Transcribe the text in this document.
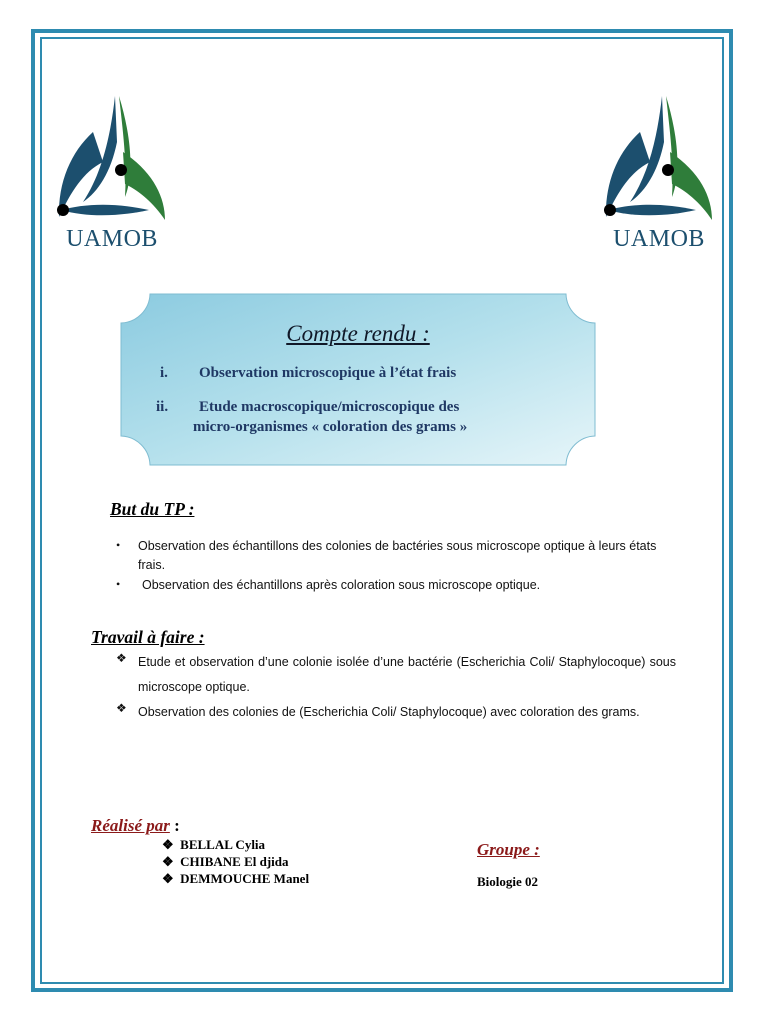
UAMOB	UAMOB
Compte rendu :
i. Observation microscopique à l’état frais
ii. Etude macroscopique/microscopique des
micro-organismes « coloration des grams »
But du TP :
• Observation des échantillons des colonies de bactéries sous microscope optique à leurs états frais.
• Observation des échantillons après coloration sous microscope optique.
Travail à faire :
❖ Etude et observation d’une colonie isolée d’une bactérie (Escherichia Coli/ Staphylocoque) sous microscope optique.
❖ Observation des colonies de (Escherichia Coli/ Staphylocoque) avec coloration des grams.
Réalisé par :
❖ BELLAL Cylia
❖ CHIBANE El djida
❖ DEMMOUCHE Manel
Groupe :
Biologie 02
